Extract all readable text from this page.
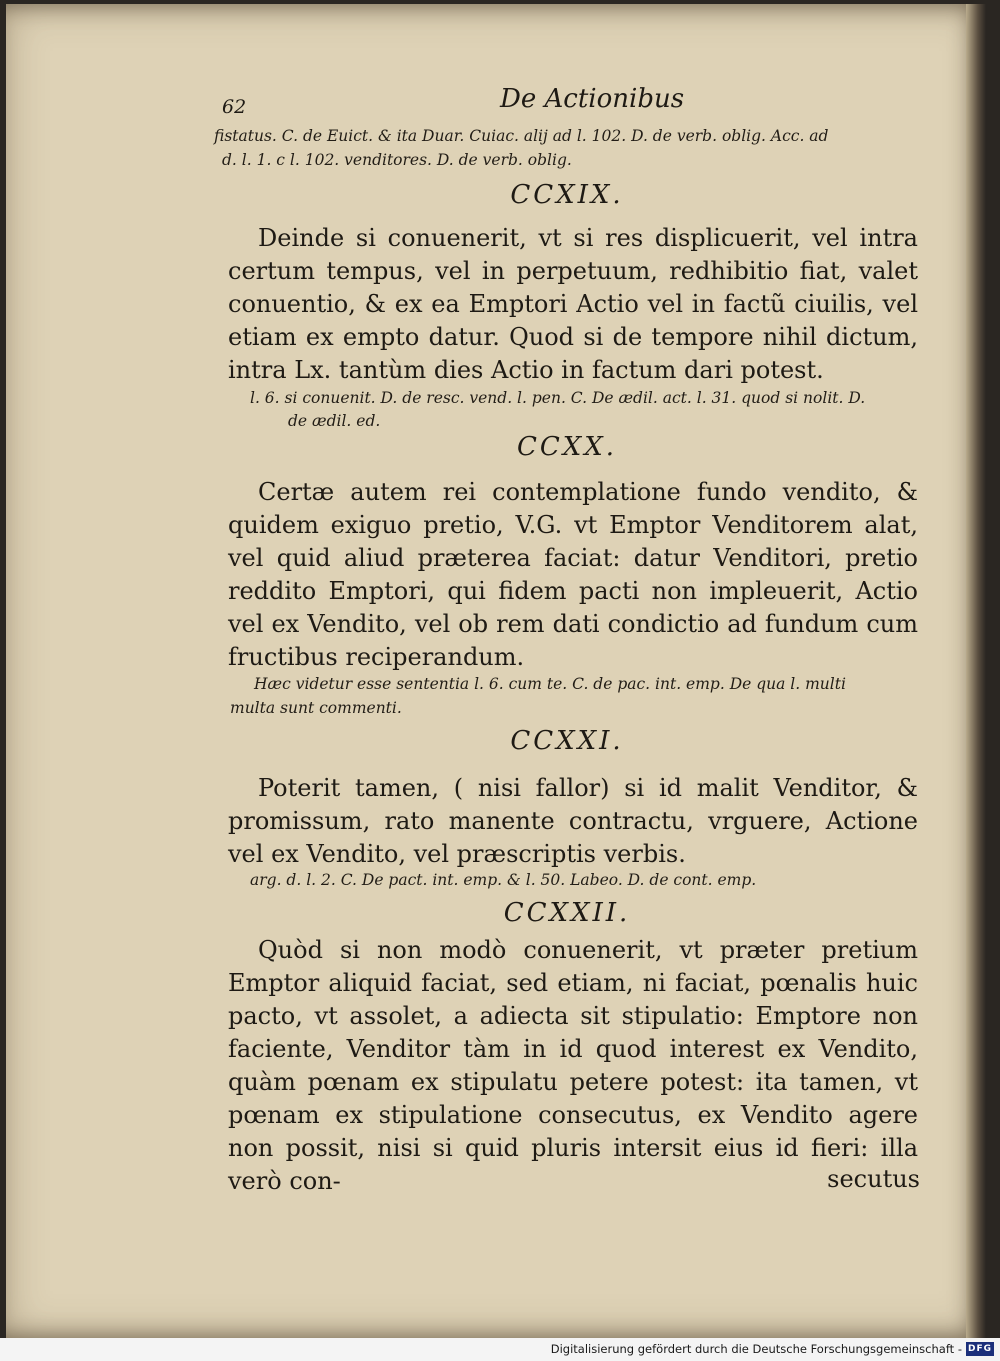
62	De Actionibus
fistatus. C. de Euict. & ita Duar. Cuiac. alij ad l. 102. D. de verb. oblig. Acc. ad
d. l. 1. c l. 102. venditores. D. de verb. oblig.
CCXIX.
Deinde si conuenerit, vt si res displicuerit, vel intra certum tempus, vel in perpetuum, redhibitio fiat, valet conuentio, & ex ea Emptori Actio vel in factũ ciuilis, vel etiam ex empto datur. Quod si de tempore nihil dictum, intra Lx. tantùm dies Actio in factum dari potest.
l. 6. si conuenit. D. de resc. vend. l. pen. C. De ædil. act. l. 31. quod si nolit. D.
de ædil. ed.
CCXX.
Certæ autem rei contemplatione fundo vendito, & quidem exiguo pretio, V.G. vt Emptor Venditorem alat, vel quid aliud præterea faciat: datur Venditori, pretio reddito Emptori, qui fidem pacti non impleuerit, Actio vel ex Vendito, vel ob rem dati condictio ad fundum cum fructibus reciperandum.
Hæc videtur esse sententia l. 6. cum te. C. de pac. int. emp. De qua l. multi
multa sunt commenti.
CCXXI.
Poterit tamen, ( nisi fallor) si id malit Venditor, & promissum, rato manente contractu, vrguere, Actione vel ex Vendito, vel præscriptis verbis.
arg. d. l. 2. C. De pact. int. emp. & l. 50. Labeo. D. de cont. emp.
CCXXII.
Quòd si non modò conuenerit, vt præter pretium Emptor aliquid faciat, sed etiam, ni faciat, pœnalis huic pacto, vt assolet, a adiecta sit stipulatio: Emptore non faciente, Venditor tàm in id quod interest ex Vendito, quàm pœnam ex stipulatu petere potest: ita tamen, vt pœnam ex stipulatione consecutus, ex Vendito agere non possit, nisi si quid pluris intersit eius id fieri: illa verò con-	secutus
Digitalisierung gefördert durch die Deutsche Forschungsgemeinschaft - DFG
